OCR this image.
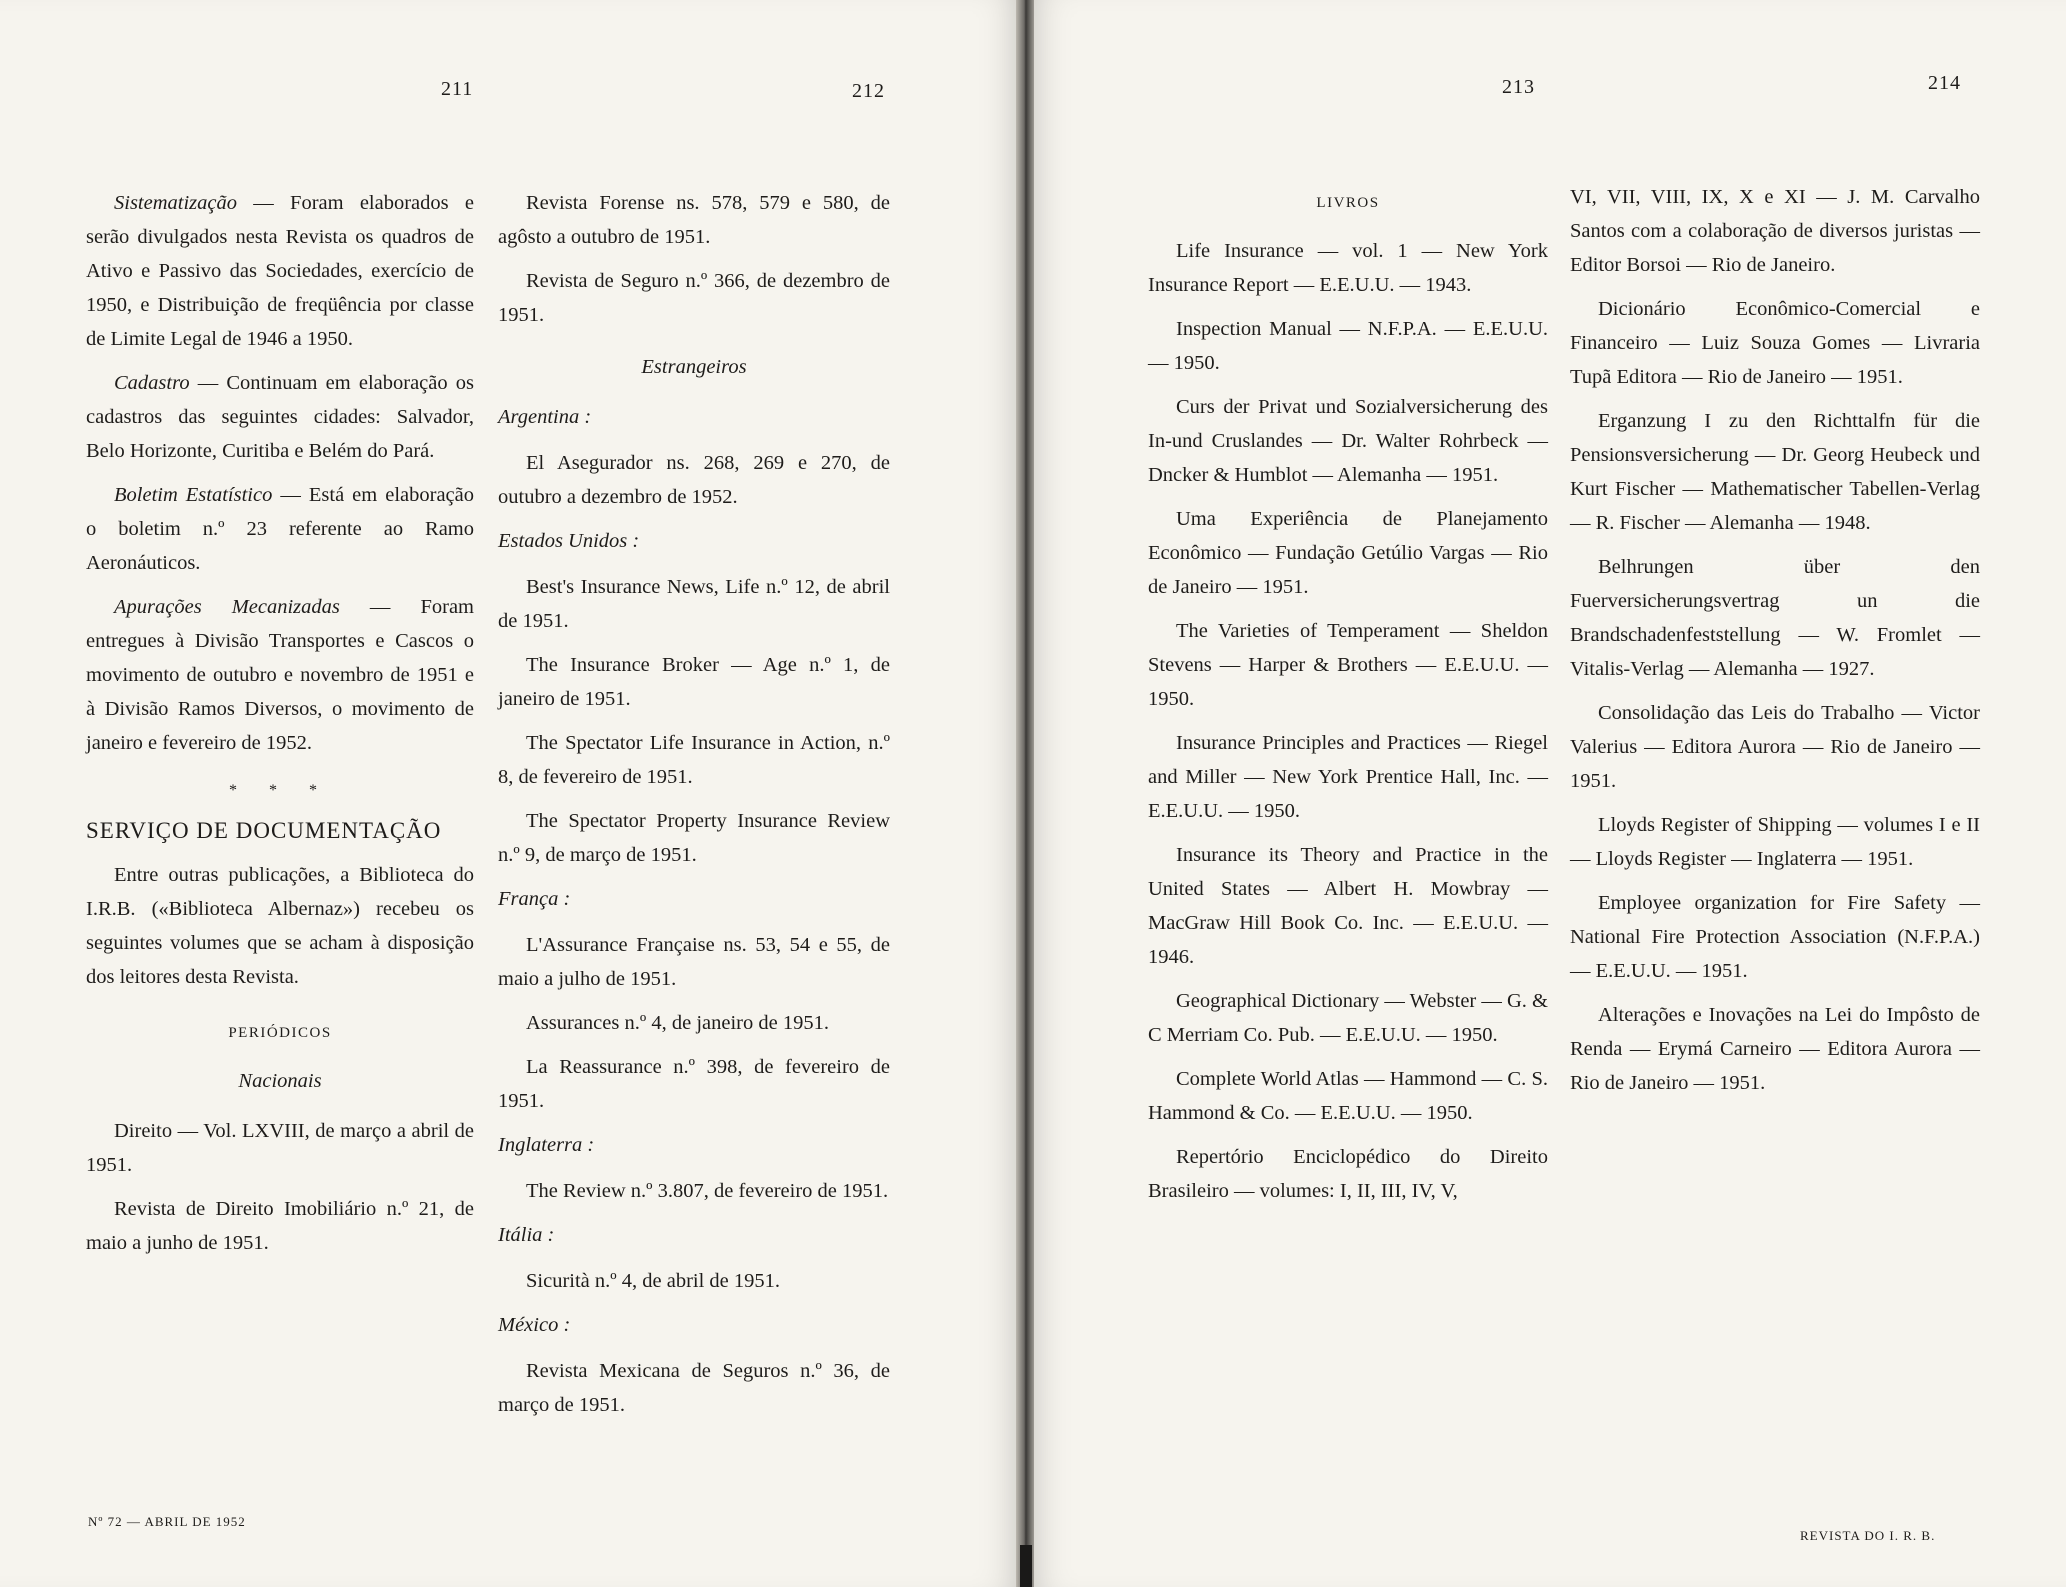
211

Sistematização — Foram elaborados e serão divulgados nesta Revista os quadros de Ativo e Passivo das Sociedades, exercício de 1950, e Distribuição de freqüência por classe de Limite Legal de 1946 a 1950.

Cadastro — Continuam em elaboração os cadastros das seguintes cidades: Salvador, Belo Horizonte, Curitiba e Belém do Pará.

Boletim Estatístico — Está em elaboração o boletim n.º 23 referente ao Ramo Aeronáuticos.

Apurações Mecanizadas — Foram entregues à Divisão Transportes e Cascos o movimento de outubro e novembro de 1951 e à Divisão Ramos Diversos, o movimento de janeiro e fevereiro de 1952.

* * *

SERVIÇO DE DOCUMENTAÇÃO

Entre outras publicações, a Biblioteca do I.R.B. («Biblioteca Albernaz») recebeu os seguintes volumes que se acham à disposição dos leitores desta Revista.

PERIÓDICOS
Nacionais

Direito — Vol. LXVIII, de março a abril de 1951.

Revista de Direito Imobiliário n.º 21, de maio a junho de 1951.

Nº 72 — ABRIL DE 1952
212

Revista Forense ns. 578, 579 e 580, de agôsto a outubro de 1951.

Revista de Seguro n.º 366, de dezembro de 1951.

Estrangeiros
Argentina :

El Asegurador ns. 268, 269 e 270, de outubro a dezembro de 1952.

Estados Unidos :

Best's Insurance News, Life n.º 12, de abril de 1951.

The Insurance Broker — Age n.º 1, de janeiro de 1951.

The Spectator Life Insurance in Action, n.º 8, de fevereiro de 1951.

The Spectator Property Insurance Review n.º 9, de março de 1951.

França :

L'Assurance Française ns. 53, 54 e 55, de maio a julho de 1951.

Assurances n.º 4, de janeiro de 1951.

La Reassurance n.º 398, de fevereiro de 1951.

Inglaterra :

The Review n.º 3.807, de fevereiro de 1951.

Itália :

Sicurità n.º 4, de abril de 1951.

México :

Revista Mexicana de Seguros n.º 36, de março de 1951.

213
LIVROS

Life Insurance — vol. 1 — New York Insurance Report — E.E.U.U. — 1943.

Inspection Manual — N.F.P.A. — E.E.U.U. — 1950.

Curs der Privat und Sozialversicherung des In-und Cruslandes — Dr. Walter Rohrbeck — Dncker & Humblot — Alemanha — 1951.

Uma Experiência de Planejamento Econômico — Fundação Getúlio Vargas — Rio de Janeiro — 1951.

The Varieties of Temperament — Sheldon Stevens — Harper & Brothers — E.E.U.U. — 1950.

Insurance Principles and Practices — Riegel and Miller — New York Prentice Hall, Inc. — E.E.U.U. — 1950.

Insurance its Theory and Practice in the United States — Albert H. Mowbray — MacGraw Hill Book Co. Inc. — E.E.U.U. — 1946.

Geographical Dictionary — Webster — G. & C Merriam Co. Pub. — E.E.U.U. — 1950.

Complete World Atlas — Hammond — C. S. Hammond & Co. — E.E.U.U. — 1950.

Repertório Enciclopédico do Direito Brasileiro — volumes: I, II, III, IV, V,

214

VI, VII, VIII, IX, X e XI — J. M. Carvalho Santos com a colaboração de diversos juristas — Editor Borsoi — Rio de Janeiro.

Dicionário Econômico-Comercial e Financeiro — Luiz Souza Gomes — Livraria Tupã Editora — Rio de Janeiro — 1951.

Erganzung I zu den Richttalfn für die Pensionsversicherung — Dr. Georg Heubeck und Kurt Fischer — Mathematischer Tabellen-Verlag — R. Fischer — Alemanha — 1948.

Belhrungen über den Fuerversicherungsvertrag un die Brandschadenfeststellung — W. Fromlet — Vitalis-Verlag — Alemanha — 1927.

Consolidação das Leis do Trabalho — Victor Valerius — Editora Aurora — Rio de Janeiro — 1951.

Lloyds Register of Shipping — volumes I e II — Lloyds Register — Inglaterra — 1951.

Employee organization for Fire Safety — National Fire Protection Association (N.F.P.A.) — E.E.U.U. — 1951.

Alterações e Inovações na Lei do Impôsto de Renda — Erymá Carneiro — Editora Aurora — Rio de Janeiro — 1951.

REVISTA DO I. R. B.
